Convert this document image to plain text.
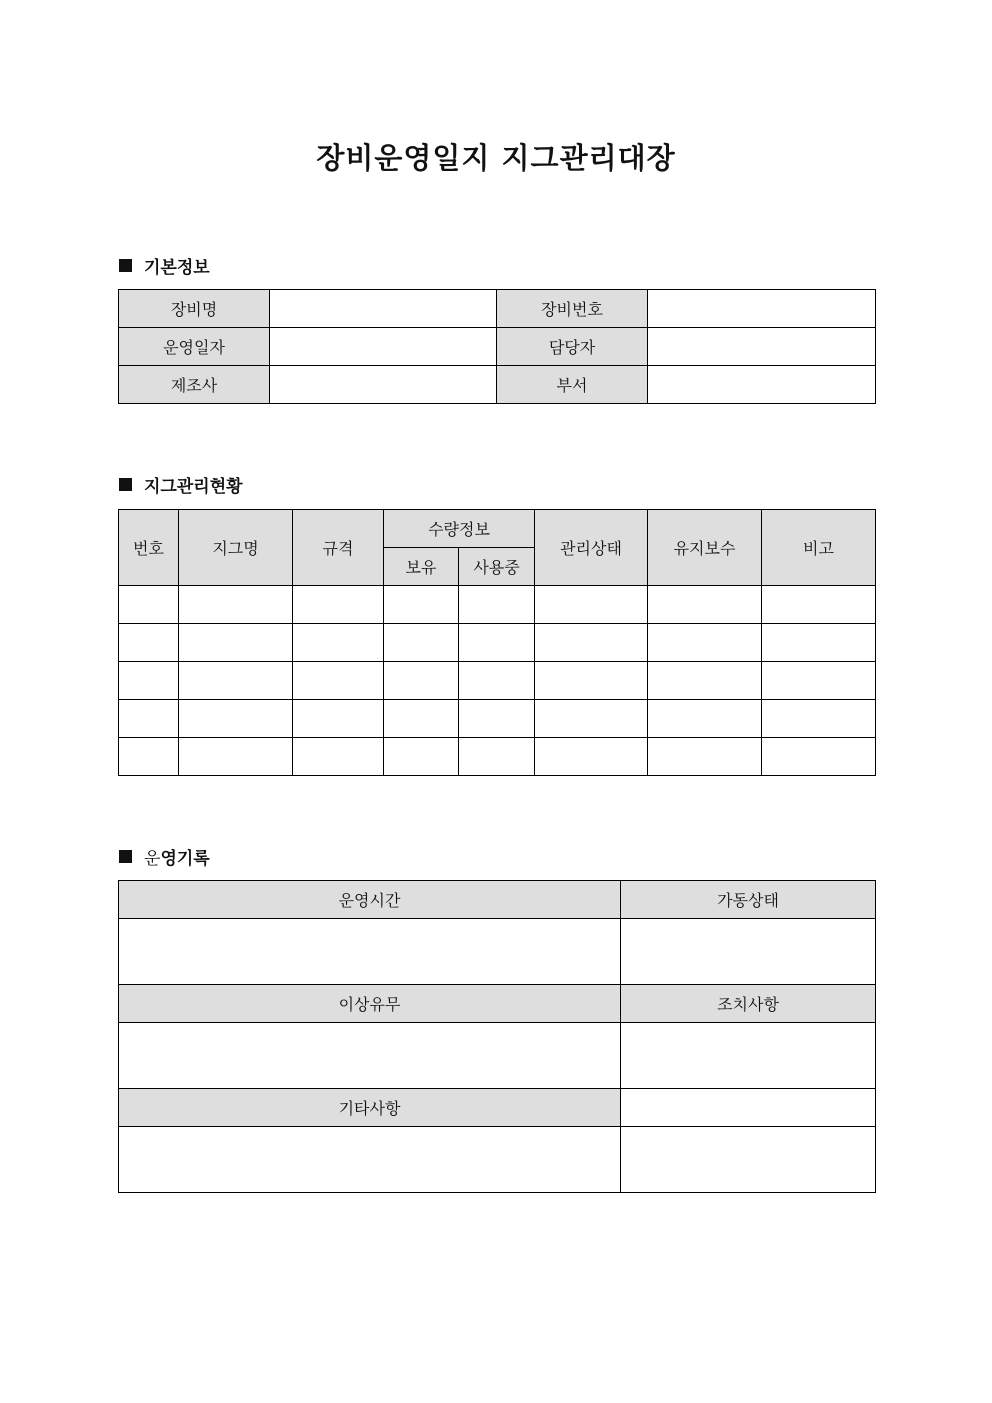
장비운영일지 지그관리대장
기본정보
장비명		장비번호	
운영일자		담당자	
제조사		부서	
지그관리현황
번호	지그명	규격	수량정보		관리상태	유지보수	비고
			보유	사용중			

운 영기록
운영시간	가동상태

이상유무	조치사항

기타사항	
